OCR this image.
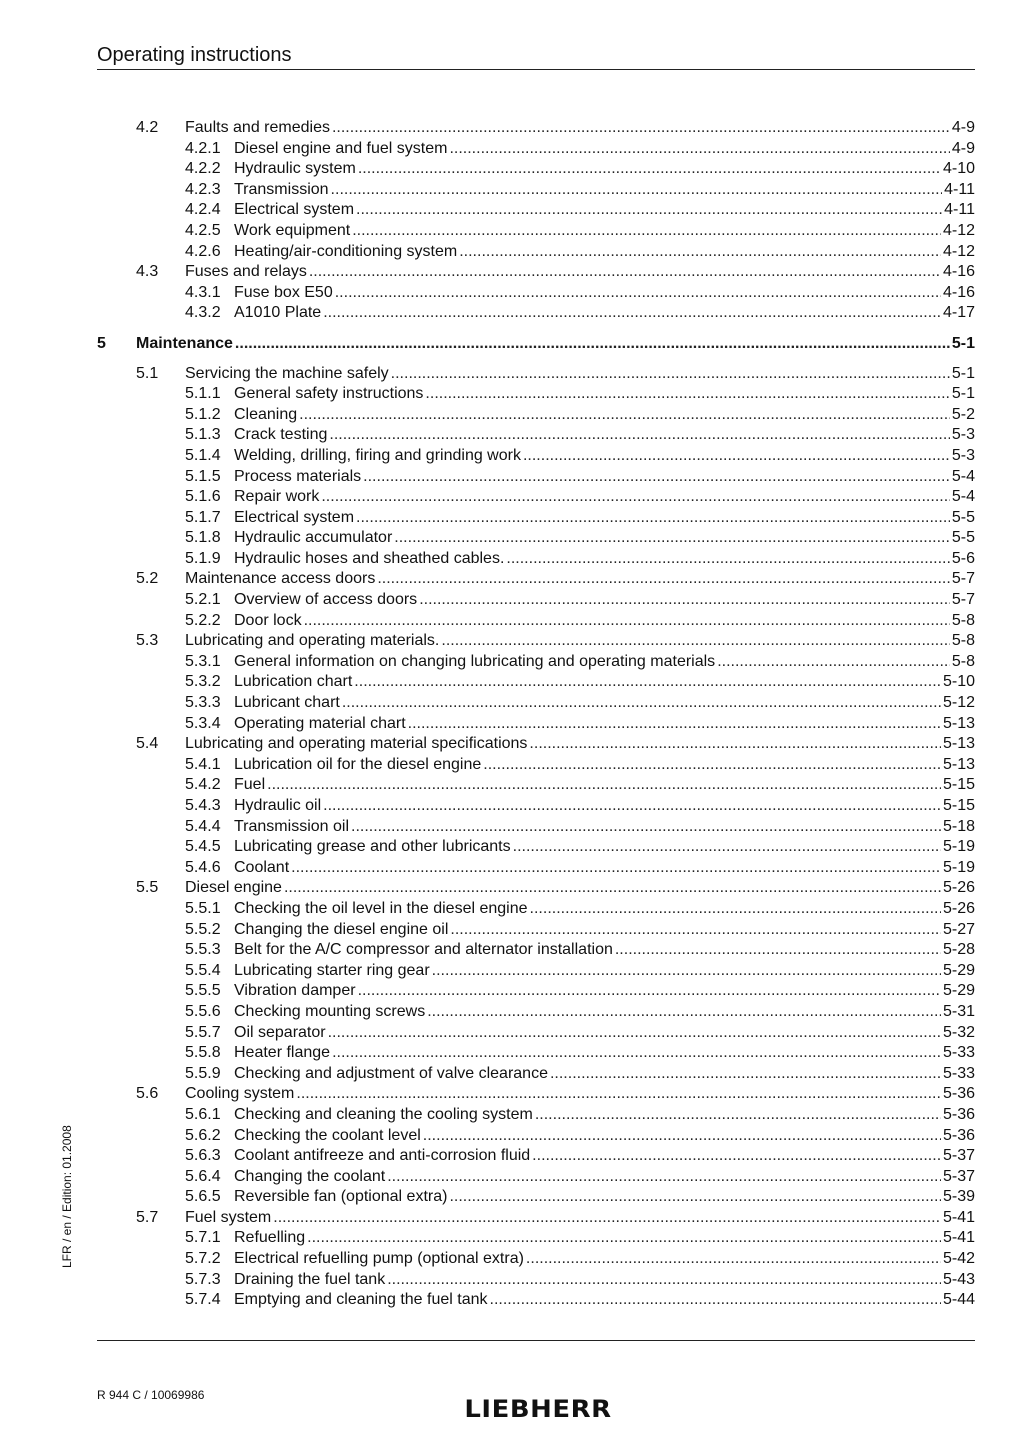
Operating instructions
4.2 Faults and remedies .....	4-9
4.2.1 Diesel engine and fuel system .....	4-9
4.2.2 Hydraulic system .....	4-10
4.2.3 Transmission .....	4-11
4.2.4 Electrical system .....	4-11
4.2.5 Work equipment .....	4-12
4.2.6 Heating/air-conditioning system .....	4-12
4.3 Fuses and relays .....	4-16
4.3.1 Fuse box E50 .....	4-16
4.3.2 A1010 Plate .....	4-17
5 Maintenance .....	5-1
5.1 Servicing the machine safely .....	5-1
5.1.1 General safety instructions .....	5-1
5.1.2 Cleaning .....	5-2
5.1.3 Crack testing .....	5-3
5.1.4 Welding, drilling, firing and grinding work .....	5-3
5.1.5 Process materials .....	5-4
5.1.6 Repair work .....	5-4
5.1.7 Electrical system .....	5-5
5.1.8 Hydraulic accumulator .....	5-5
5.1.9 Hydraulic hoses and sheathed cables. .....	5-6
5.2 Maintenance access doors .....	5-7
5.2.1 Overview of access doors .....	5-7
5.2.2 Door lock .....	5-8
5.3 Lubricating and operating materials. .....	5-8
5.3.1 General information on changing lubricating and operating materials .....	5-8
5.3.2 Lubrication chart .....	5-10
5.3.3 Lubricant chart .....	5-12
5.3.4 Operating material chart .....	5-13
5.4 Lubricating and operating material specifications .....	5-13
5.4.1 Lubrication oil for the diesel engine .....	5-13
5.4.2 Fuel .....	5-15
5.4.3 Hydraulic oil .....	5-15
5.4.4 Transmission oil .....	5-18
5.4.5 Lubricating grease and other lubricants .....	5-19
5.4.6 Coolant .....	5-19
5.5 Diesel engine .....	5-26
5.5.1 Checking the oil level in the diesel engine .....	5-26
5.5.2 Changing the diesel engine oil .....	5-27
5.5.3 Belt for the A/C compressor and alternator installation .....	5-28
5.5.4 Lubricating starter ring gear .....	5-29
5.5.5 Vibration damper .....	5-29
5.5.6 Checking mounting screws .....	5-31
5.5.7 Oil separator .....	5-32
5.5.8 Heater flange .....	5-33
5.5.9 Checking and adjustment of valve clearance .....	5-33
5.6 Cooling system .....	5-36
5.6.1 Checking and cleaning the cooling system .....	5-36
5.6.2 Checking the coolant level .....	5-36
5.6.3 Coolant antifreeze and anti-corrosion fluid .....	5-37
5.6.4 Changing the coolant .....	5-37
5.6.5 Reversible fan (optional extra) .....	5-39
5.7 Fuel system .....	5-41
5.7.1 Refuelling .....	5-41
5.7.2 Electrical refuelling pump (optional extra) .....	5-42
5.7.3 Draining the fuel tank .....	5-43
5.7.4 Emptying and cleaning the fuel tank .....	5-44
LFR / en / Edition: 01.2008
R 944 C / 10069986	LIEBHERR
